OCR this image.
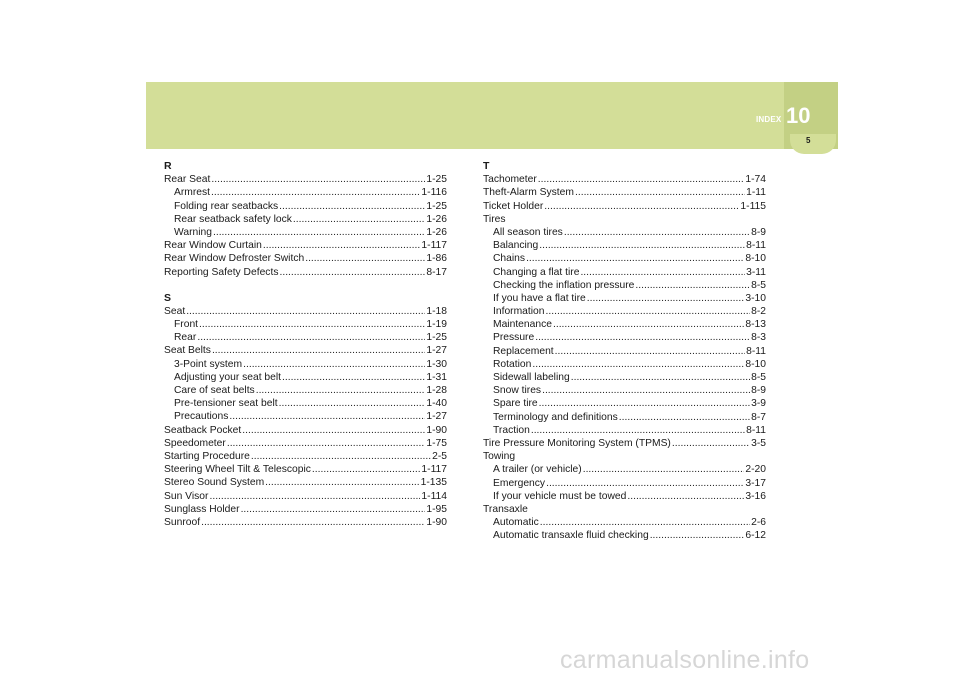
INDEX 10
5
R
Rear Seat .....	1-25
Armrest .....	1-116
Folding rear seatbacks .....	1-25
Rear seatback safety lock .....	1-26
Warning .....	1-26
Rear Window Curtain .....	1-117
Rear Window Defroster Switch .....	1-86
Reporting Safety Defects .....	8-17
S
Seat .....	1-18
Front .....	1-19
Rear .....	1-25
Seat Belts .....	1-27
3-Point system .....	1-30
Adjusting your seat belt .....	1-31
Care of seat belts .....	1-28
Pre-tensioner seat belt .....	1-40
Precautions .....	1-27
Seatback Pocket .....	1-90
Speedometer .....	1-75
Starting Procedure .....	2-5
Steering Wheel Tilt & Telescopic .....	1-117
Stereo Sound System .....	1-135
Sun Visor .....	1-114
Sunglass Holder .....	1-95
Sunroof .....	1-90
T
Tachometer .....	1-74
Theft-Alarm System .....	1-11
Ticket Holder .....	1-115
Tires
All season tires .....	8-9
Balancing .....	8-11
Chains .....	8-10
Changing a flat tire .....	3-11
Checking the inflation pressure .....	8-5
If you have a flat tire .....	3-10
Information .....	8-2
Maintenance .....	8-13
Pressure .....	8-3
Replacement .....	8-11
Rotation .....	8-10
Sidewall labeling .....	8-5
Snow tires .....	8-9
Spare tire .....	3-9
Terminology and definitions .....	8-7
Traction .....	8-11
Tire Pressure Monitoring System (TPMS) .....	3-5
Towing
A trailer (or vehicle) .....	2-20
Emergency .....	3-17
If your vehicle must be towed .....	3-16
Transaxle
Automatic .....	2-6
Automatic transaxle fluid checking .....	6-12
carmanualsonline.info
